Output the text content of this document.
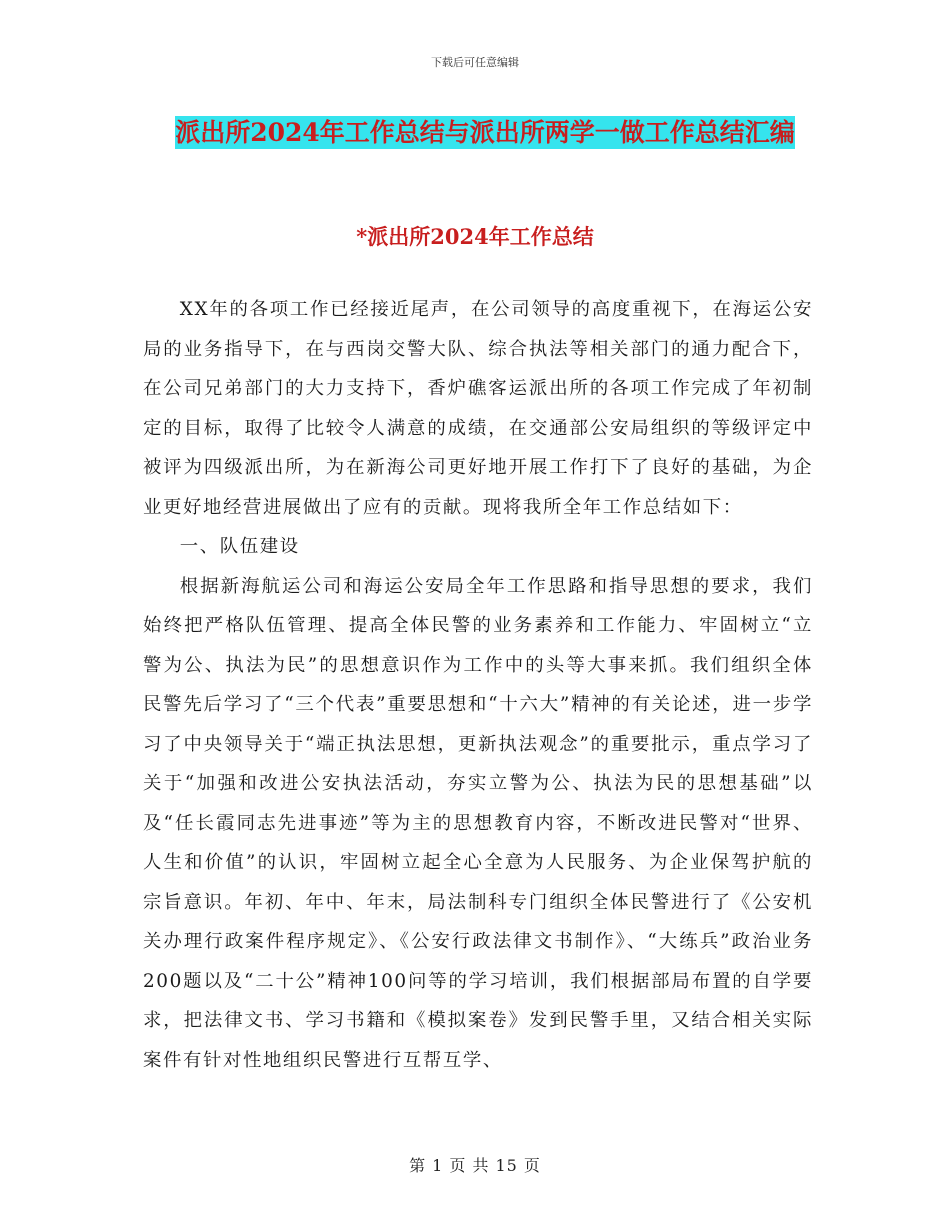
下载后可任意编辑
派出所2024年工作总结与派出所两学一做工作总结汇编
*派出所2024年工作总结

XX年的各项工作已经接近尾声，在公司领导的高度重视下，在海运公安局的业务指导下，在与西岗交警大队、综合执法等相关部门的通力配合下，在公司兄弟部门的大力支持下，香炉礁客运派出所的各项工作完成了年初制定的目标，取得了比较令人满意的成绩，在交通部公安局组织的等级评定中被评为四级派出所，为在新海公司更好地开展工作打下了良好的基础，为企业更好地经营进展做出了应有的贡献。现将我所全年工作总结如下：

一、队伍建设

根据新海航运公司和海运公安局全年工作思路和指导思想的要求，我们始终把严格队伍管理、提高全体民警的业务素养和工作能力、牢固树立“立警为公、执法为民”的思想意识作为工作中的头等大事来抓。我们组织全体民警先后学习了“三个代表”重要思想和“十六大”精神的有关论述，进一步学习了中央领导关于“端正执法思想，更新执法观念”的重要批示，重点学习了关于“加强和改进公安执法活动，夯实立警为公、执法为民的思想基础”以及“任长霞同志先进事迹”等为主的思想教育内容，不断改进民警对“世界、人生和价值”的认识，牢固树立起全心全意为人民服务、为企业保驾护航的宗旨意识。年初、年中、年末，局法制科专门组织全体民警进行了《公安机关办理行政案件程序规定》、《公安行政法律文书制作》、“大练兵”政治业务200题以及“二十公”精神100问等的学习培训，我们根据部局布置的自学要求，把法律文书、学习书籍和《模拟案卷》发到民警手里，又结合相关实际案件有针对性地组织民警进行互帮互学、

第 1 页 共 15 页
